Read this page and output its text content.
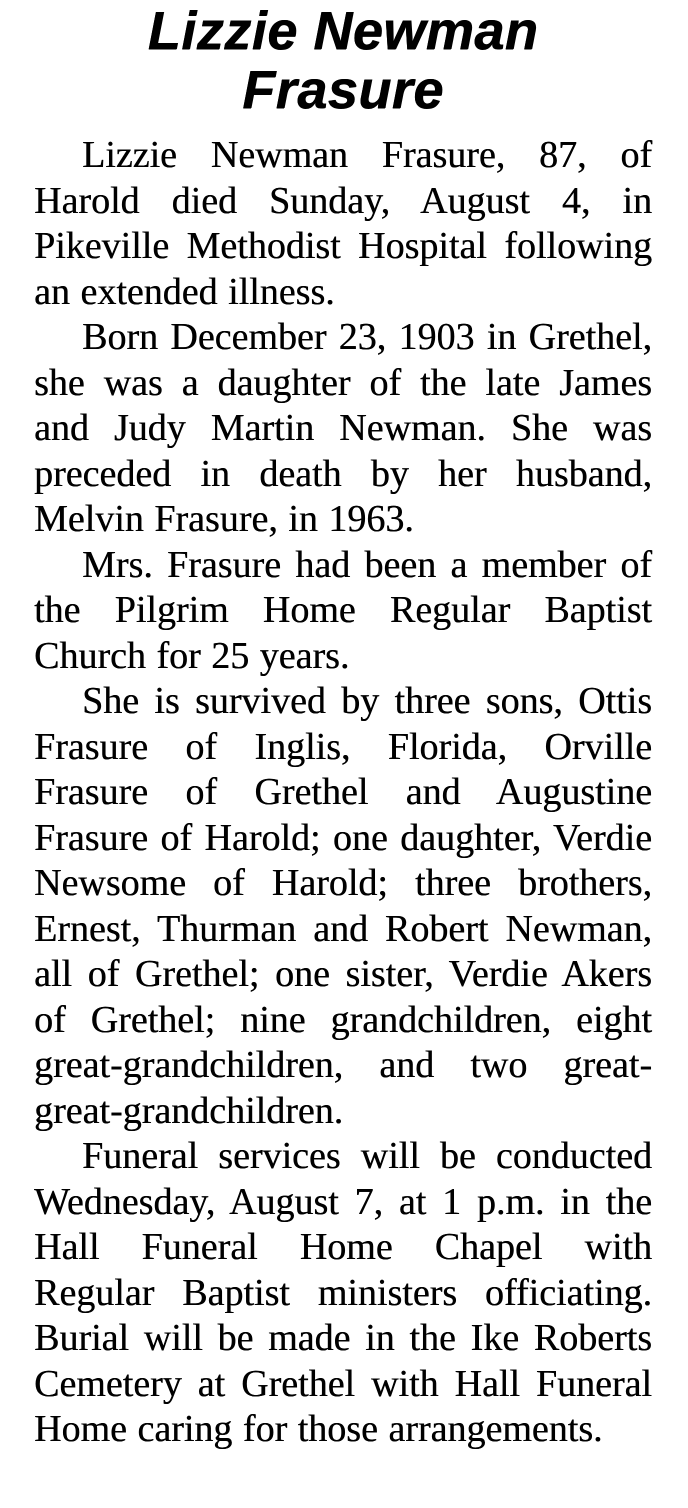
Lizzie Newman
Frasure

Lizzie Newman Frasure, 87, of Harold died Sunday, August 4, in Pikeville Methodist Hospital following an extended illness.

Born December 23, 1903 in Grethel, she was a daughter of the late James and Judy Martin Newman. She was preceded in death by her husband, Melvin Frasure, in 1963.

Mrs. Frasure had been a member of the Pilgrim Home Regular Baptist Church for 25 years.

She is survived by three sons, Ottis Frasure of Inglis, Florida, Orville Frasure of Grethel and Augustine Frasure of Harold; one daughter, Verdie Newsome of Harold; three brothers, Ernest, Thurman and Robert Newman, all of Grethel; one sister, Verdie Akers of Grethel; nine grandchildren, eight great-grandchildren, and two great-great-grandchildren.

Funeral services will be conducted Wednesday, August 7, at 1 p.m. in the Hall Funeral Home Chapel with Regular Baptist ministers officiating. Burial will be made in the Ike Roberts Cemetery at Grethel with Hall Funeral Home caring for those arrangements.
